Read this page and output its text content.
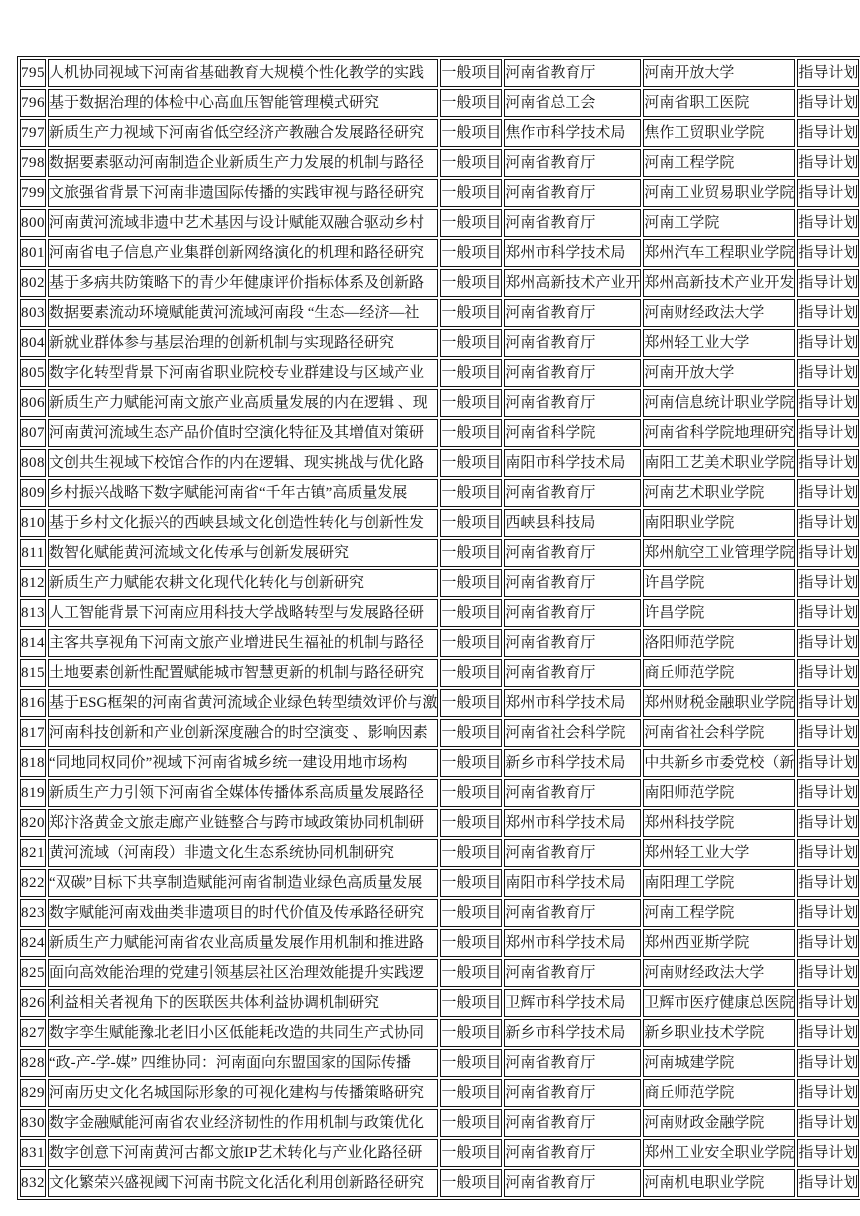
795	人机协同视域下河南省基础教育大规模个性化教学的实践	一般项目	河南省教育厅	河南开放大学	指导计划
796	基于数据治理的体检中心高血压智能管理模式研究	一般项目	河南省总工会	河南省职工医院	指导计划
797	新质生产力视域下河南省低空经济产教融合发展路径研究	一般项目	焦作市科学技术局	焦作工贸职业学院	指导计划
798	数据要素驱动河南制造企业新质生产力发展的机制与路径	一般项目	河南省教育厅	河南工程学院	指导计划
799	文旅强省背景下河南非遗国际传播的实践审视与路径研究	一般项目	河南省教育厅	河南工业贸易职业学院	指导计划
800	河南黄河流域非遗中艺术基因与设计赋能双融合驱动乡村	一般项目	河南省教育厅	河南工学院	指导计划
801	河南省电子信息产业集群创新网络演化的机理和路径研究	一般项目	郑州市科学技术局	郑州汽车工程职业学院	指导计划
802	基于多病共防策略下的青少年健康评价指标体系及创新路	一般项目	郑州高新技术产业开	郑州高新技术产业开发	指导计划
803	数据要素流动环境赋能黄河流域河南段 “生态—经济—社	一般项目	河南省教育厅	河南财经政法大学	指导计划
804	新就业群体参与基层治理的创新机制与实现路径研究	一般项目	河南省教育厅	郑州轻工业大学	指导计划
805	数字化转型背景下河南省职业院校专业群建设与区域产业	一般项目	河南省教育厅	河南开放大学	指导计划
806	新质生产力赋能河南文旅产业高质量发展的内在逻辑 、现	一般项目	河南省教育厅	河南信息统计职业学院	指导计划
807	河南黄河流域生态产品价值时空演化特征及其增值对策研	一般项目	河南省科学院	河南省科学院地理研究	指导计划
808	文创共生视域下校馆合作的内在逻辑、现实挑战与优化路	一般项目	南阳市科学技术局	南阳工艺美术职业学院	指导计划
809	乡村振兴战略下数字赋能河南省“千年古镇”高质量发展	一般项目	河南省教育厅	河南艺术职业学院	指导计划
810	基于乡村文化振兴的西峡县域文化创造性转化与创新性发	一般项目	西峡县科技局	南阳职业学院	指导计划
811	数智化赋能黄河流域文化传承与创新发展研究	一般项目	河南省教育厅	郑州航空工业管理学院	指导计划
812	新质生产力赋能农耕文化现代化转化与创新研究	一般项目	河南省教育厅	许昌学院	指导计划
813	人工智能背景下河南应用科技大学战略转型与发展路径研	一般项目	河南省教育厅	许昌学院	指导计划
814	主客共享视角下河南文旅产业增进民生福祉的机制与路径	一般项目	河南省教育厅	洛阳师范学院	指导计划
815	土地要素创新性配置赋能城市智慧更新的机制与路径研究	一般项目	河南省教育厅	商丘师范学院	指导计划
816	基于ESG框架的河南省黄河流域企业绿色转型绩效评价与激	一般项目	郑州市科学技术局	郑州财税金融职业学院	指导计划
817	河南科技创新和产业创新深度融合的时空演变 、影响因素	一般项目	河南省社会科学院	河南省社会科学院	指导计划
818	“同地同权同价”视域下河南省城乡统一建设用地市场构	一般项目	新乡市科学技术局	中共新乡市委党校（新	指导计划
819	新质生产力引领下河南省全媒体传播体系高质量发展路径	一般项目	河南省教育厅	南阳师范学院	指导计划
820	郑汴洛黄金文旅走廊产业链整合与跨市域政策协同机制研	一般项目	郑州市科学技术局	郑州科技学院	指导计划
821	黄河流域（河南段）非遗文化生态系统协同机制研究	一般项目	河南省教育厅	郑州轻工业大学	指导计划
822	“双碳”目标下共享制造赋能河南省制造业绿色高质量发展	一般项目	南阳市科学技术局	南阳理工学院	指导计划
823	数字赋能河南戏曲类非遗项目的时代价值及传承路径研究	一般项目	河南省教育厅	河南工程学院	指导计划
824	新质生产力赋能河南省农业高质量发展作用机制和推进路	一般项目	郑州市科学技术局	郑州西亚斯学院	指导计划
825	面向高效能治理的党建引领基层社区治理效能提升实践逻	一般项目	河南省教育厅	河南财经政法大学	指导计划
826	利益相关者视角下的医联医共体利益协调机制研究	一般项目	卫辉市科学技术局	卫辉市医疗健康总医院	指导计划
827	数字孪生赋能豫北老旧小区低能耗改造的共同生产式协同	一般项目	新乡市科学技术局	新乡职业技术学院	指导计划
828	“政-产-学-媒” 四维协同：河南面向东盟国家的国际传播	一般项目	河南省教育厅	河南城建学院	指导计划
829	河南历史文化名城国际形象的可视化建构与传播策略研究	一般项目	河南省教育厅	商丘师范学院	指导计划
830	数字金融赋能河南省农业经济韧性的作用机制与政策优化	一般项目	河南省教育厅	河南财政金融学院	指导计划
831	数字创意下河南黄河古都文旅IP艺术转化与产业化路径研	一般项目	河南省教育厅	郑州工业安全职业学院	指导计划
832	文化繁荣兴盛视阈下河南书院文化活化利用创新路径研究	一般项目	河南省教育厅	河南机电职业学院	指导计划
